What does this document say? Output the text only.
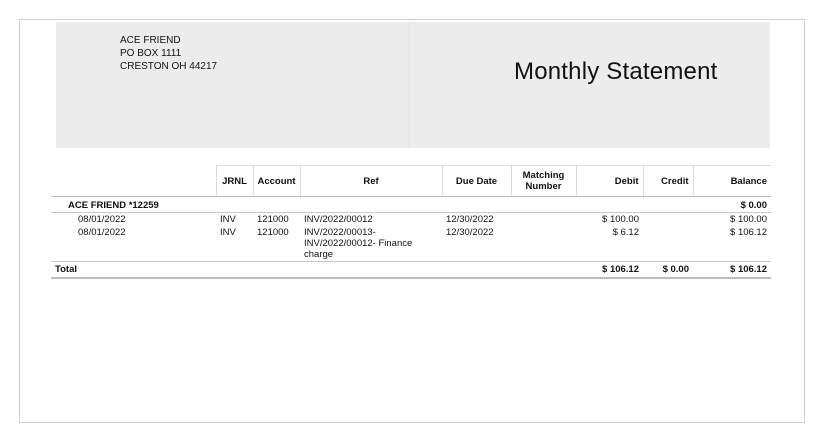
ACE FRIEND
PO BOX 1111
CRESTON OH 44217	Monthly Statement
	JRNL	Account	Ref	Due Date	Matching Number	Debit	Credit	Balance
ACE FRIEND *12259								$ 0.00
08/01/2022	INV	121000	INV/2022/00012	12/30/2022		$ 100.00		$ 100.00
08/01/2022	INV	121000	INV/2022/00013- INV/2022/00012- Finance charge	12/30/2022		$ 6.12		$ 106.12
Total						$ 106.12	$ 0.00	$ 106.12
